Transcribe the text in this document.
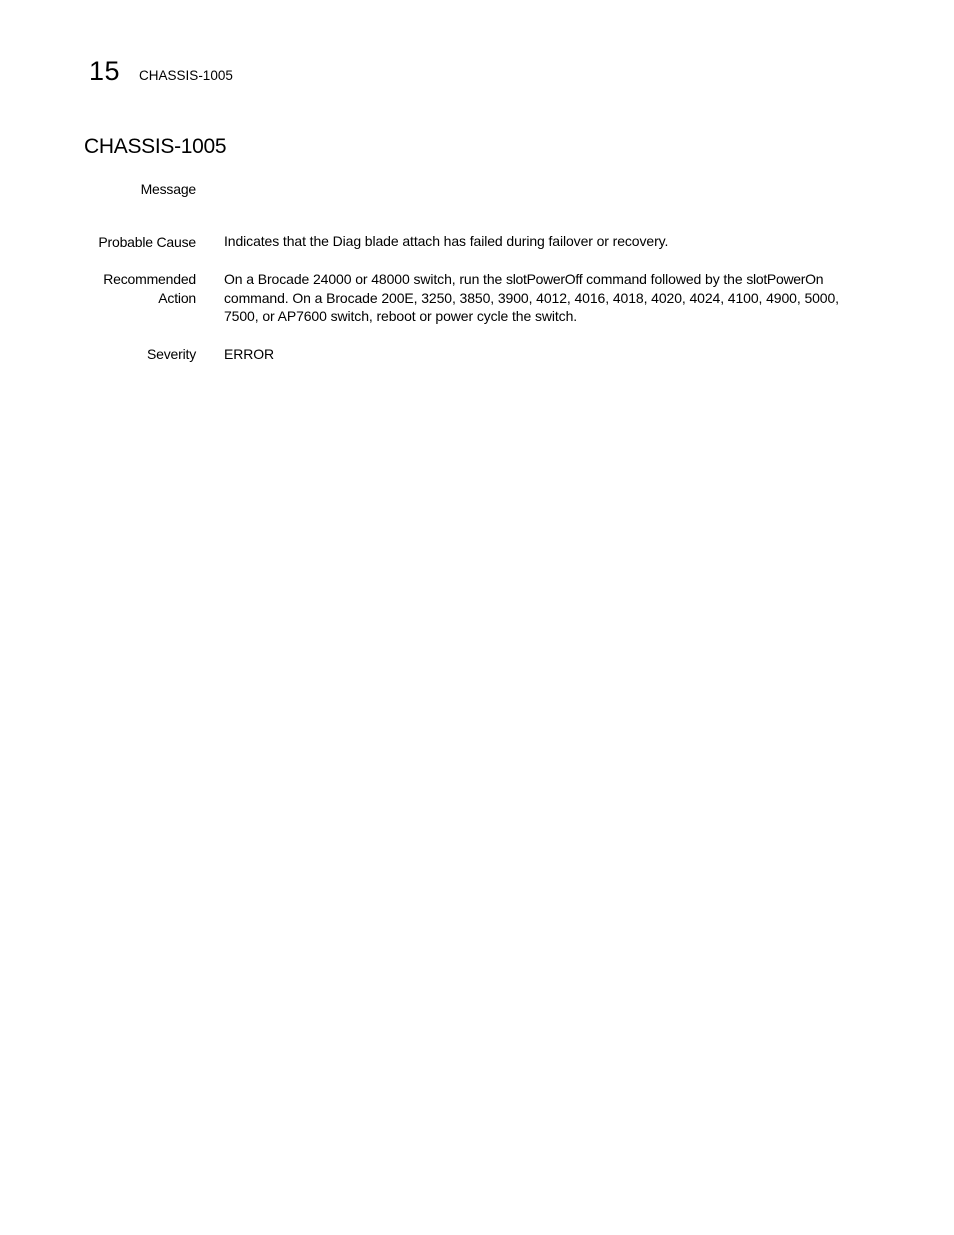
15 CHASSIS-1005
CHASSIS-1005
Message
Probable Cause Indicates that the Diag blade attach has failed during failover or recovery.
Recommended
Action
On a Brocade 24000 or 48000 switch, run the slotPowerOff command followed by the slotPowerOn command. On a Brocade 200E, 3250, 3850, 3900, 4012, 4016, 4018, 4020, 4024, 4100, 4900, 5000, 7500, or AP7600 switch, reboot or power cycle the switch.
Severity ERROR
